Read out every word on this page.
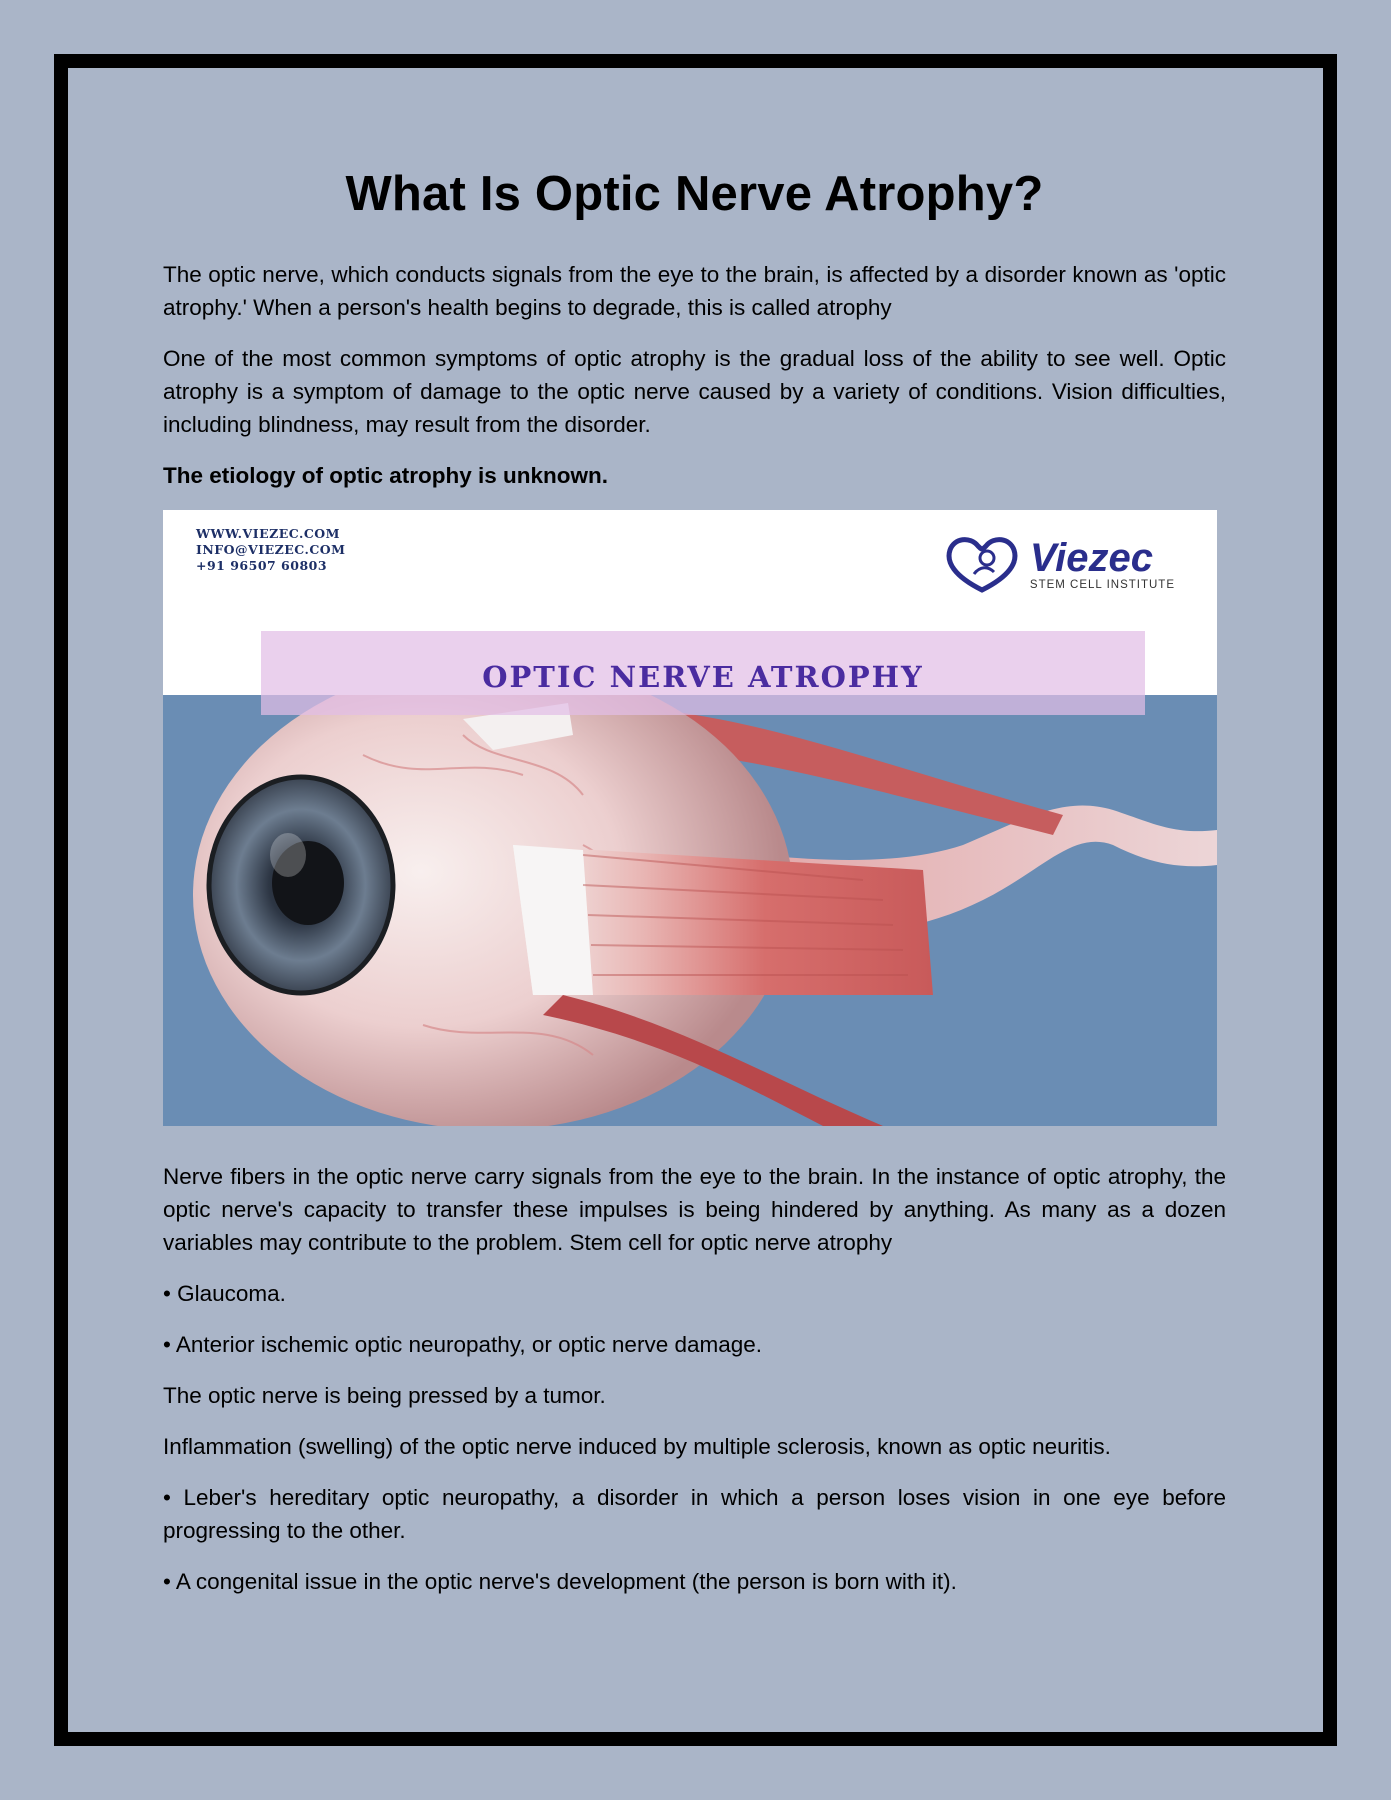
What Is Optic Nerve Atrophy?

The optic nerve, which conducts signals from the eye to the brain, is affected by a disorder known as 'optic atrophy.' When a person's health begins to degrade, this is called atrophy

One of the most common symptoms of optic atrophy is the gradual loss of the ability to see well. Optic atrophy is a symptom of damage to the optic nerve caused by a variety of conditions. Vision difficulties, including blindness, may result from the disorder.

The etiology of optic atrophy is unknown.

OPTIC NERVE ATROPHY
WWW.VIEZEC.COM
INFO@VIEZEC.COM
+91 96507 60803	Viezec
STEM CELL INSTITUTE

Nerve fibers in the optic nerve carry signals from the eye to the brain. In the instance of optic atrophy, the optic nerve's capacity to transfer these impulses is being hindered by anything. As many as a dozen variables may contribute to the problem. Stem cell for optic nerve atrophy

• Glaucoma.

• Anterior ischemic optic neuropathy, or optic nerve damage.

The optic nerve is being pressed by a tumor.

Inflammation (swelling) of the optic nerve induced by multiple sclerosis, known as optic neuritis.

• Leber's hereditary optic neuropathy, a disorder in which a person loses vision in one eye before progressing to the other.

• A congenital issue in the optic nerve's development (the person is born with it).
